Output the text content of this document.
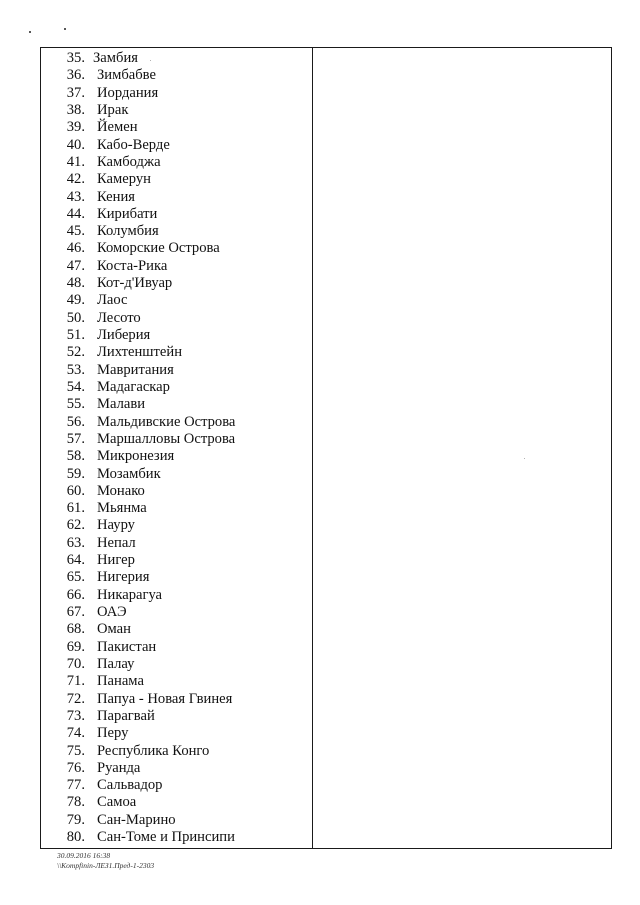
35. Замбия
36. Зимбабве
37. Иордания
38. Ирак
39. Йемен
40. Кабо-Верде
41. Камбоджа
42. Камерун
43. Кения
44. Кирибати
45. Колумбия
46. Коморские Острова
47. Коста-Рика
48. Кот-д'Ивуар
49. Лаос
50. Лесото
51. Либерия
52. Лихтенштейн
53. Мавритания
54. Мадагаскар
55. Малави
56. Мальдивские Острова
57. Маршалловы Острова
58. Микронезия
59. Мозамбик
60. Монако
61. Мьянма
62. Науру
63. Непал
64. Нигер
65. Нигерия
66. Никарагуа
67. ОАЭ
68. Оман
69. Пакистан
70. Палау
71. Панама
72. Папуа - Новая Гвинея
73. Парагвай
74. Перу
75. Республика Конго
76. Руанда
77. Сальвадор
78. Самоа
79. Сан-Марино
80. Сан-Томе и Принсипи

30.09.2016 16:38
\\Kompfinin-ЛЕЗ1.Пред-1-2303
